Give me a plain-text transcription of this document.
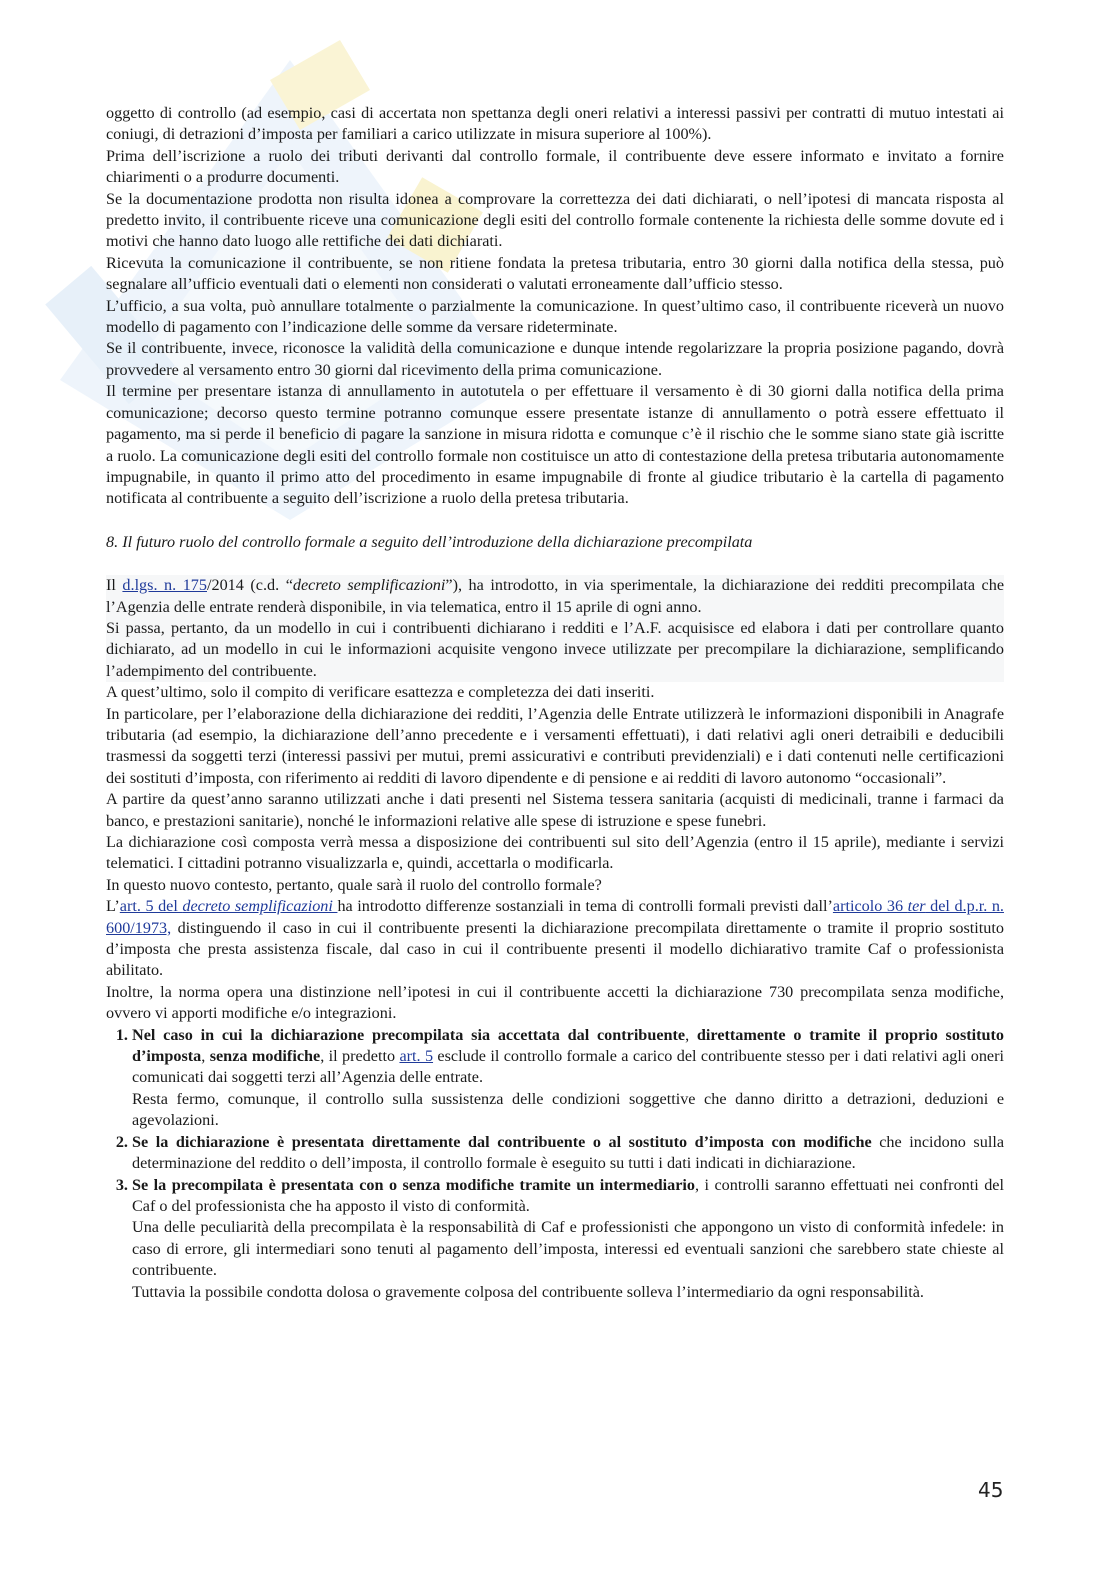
oggetto di controllo (ad esempio, casi di accertata non spettanza degli oneri relativi a interessi passivi per contratti di mutuo intestati ai coniugi, di detrazioni d’imposta per familiari a carico utilizzate in misura superiore al 100%).

Prima dell’iscrizione a ruolo dei tributi derivanti dal controllo formale, il contribuente deve essere informato e invitato a fornire chiarimenti o a produrre documenti.

Se la documentazione prodotta non risulta idonea a comprovare la correttezza dei dati dichiarati, o nell’ipotesi di mancata risposta al predetto invito, il contribuente riceve una comunicazione degli esiti del controllo formale contenente la richiesta delle somme dovute ed i motivi che hanno dato luogo alle rettifiche dei dati dichiarati.

Ricevuta la comunicazione il contribuente, se non ritiene fondata la pretesa tributaria, entro 30 giorni dalla notifica della stessa, può segnalare all’ufficio eventuali dati o elementi non considerati o valutati erroneamente dall’ufficio stesso.

L’ufficio, a sua volta, può annullare totalmente o parzialmente la comunicazione. In quest’ultimo caso, il contribuente riceverà un nuovo modello di pagamento con l’indicazione delle somme da versare rideterminate.

Se il contribuente, invece, riconosce la validità della comunicazione e dunque intende regolarizzare la propria posizione pagando, dovrà provvedere al versamento entro 30 giorni dal ricevimento della prima comunicazione.

Il termine per presentare istanza di annullamento in autotutela o per effettuare il versamento è di 30 giorni dalla notifica della prima comunicazione; decorso questo termine potranno comunque essere presentate istanze di annullamento o potrà essere effettuato il pagamento, ma si perde il beneficio di pagare la sanzione in misura ridotta e comunque c’è il rischio che le somme siano state già iscritte a ruolo. La comunicazione degli esiti del controllo formale non costituisce un atto di contestazione della pretesa tributaria autonomamente impugnabile, in quanto il primo atto del procedimento in esame impugnabile di fronte al giudice tributario è la cartella di pagamento notificata al contribuente a seguito dell’iscrizione a ruolo della pretesa tributaria.

8. Il futuro ruolo del controllo formale a seguito dell’introduzione della dichiarazione precompilata

Il d.lgs. n. 175/2014 (c.d. “decreto semplificazioni”), ha introdotto, in via sperimentale, la dichiarazione dei redditi precompilata che l’Agenzia delle entrate renderà disponibile, in via telematica, entro il 15 aprile di ogni anno.

Si passa, pertanto, da un modello in cui i contribuenti dichiarano i redditi e l’A.F. acquisisce ed elabora i dati per controllare quanto dichiarato, ad un modello in cui le informazioni acquisite vengono invece utilizzate per precompilare la dichiarazione, semplificando l’adempimento del contribuente.

A quest’ultimo, solo il compito di verificare esattezza e completezza dei dati inseriti.

In particolare, per l’elaborazione della dichiarazione dei redditi, l’Agenzia delle Entrate utilizzerà le informazioni disponibili in Anagrafe tributaria (ad esempio, la dichiarazione dell’anno precedente e i versamenti effettuati), i dati relativi agli oneri detraibili e deducibili trasmessi da soggetti terzi (interessi passivi per mutui, premi assicurativi e contributi previdenziali) e i dati contenuti nelle certificazioni dei sostituti d’imposta, con riferimento ai redditi di lavoro dipendente e di pensione e ai redditi di lavoro autonomo “occasionali”.

A partire da quest’anno saranno utilizzati anche i dati presenti nel Sistema tessera sanitaria (acquisti di medicinali, tranne i farmaci da banco, e prestazioni sanitarie), nonché le informazioni relative alle spese di istruzione e spese funebri.

La dichiarazione così composta verrà messa a disposizione dei contribuenti sul sito dell’Agenzia (entro il 15 aprile), mediante i servizi telematici. I cittadini potranno visualizzarla e, quindi, accettarla o modificarla.

In questo nuovo contesto, pertanto, quale sarà il ruolo del controllo formale?

L’art. 5 del decreto semplificazioni ha introdotto differenze sostanziali in tema di controlli formali previsti dall’articolo 36 ter del d.p.r. n. 600/1973, distinguendo il caso in cui il contribuente presenti la dichiarazione precompilata direttamente o tramite il proprio sostituto d’imposta che presta assistenza fiscale, dal caso in cui il contribuente presenti il modello dichiarativo tramite Caf o professionista abilitato.

Inoltre, la norma opera una distinzione nell’ipotesi in cui il contribuente accetti la dichiarazione 730 precompilata senza modifiche, ovvero vi apporti modifiche e/o integrazioni.

1. Nel caso in cui la dichiarazione precompilata sia accettata dal contribuente, direttamente o tramite il proprio sostituto d’imposta, senza modifiche, il predetto art. 5 esclude il controllo formale a carico del contribuente stesso per i dati relativi agli oneri comunicati dai soggetti terzi all’Agenzia delle entrate.

Resta fermo, comunque, il controllo sulla sussistenza delle condizioni soggettive che danno diritto a detrazioni, deduzioni e agevolazioni.

2. Se la dichiarazione è presentata direttamente dal contribuente o al sostituto d’imposta con modifiche che incidono sulla determinazione del reddito o dell’imposta, il controllo formale è eseguito su tutti i dati indicati in dichiarazione.

3. Se la precompilata è presentata con o senza modifiche tramite un intermediario, i controlli saranno effettuati nei confronti del Caf o del professionista che ha apposto il visto di conformità.

Una delle peculiarità della precompilata è la responsabilità di Caf e professionisti che appongono un visto di conformità infedele: in caso di errore, gli intermediari sono tenuti al pagamento dell’imposta, interessi ed eventuali sanzioni che sarebbero state chieste al contribuente.

Tuttavia la possibile condotta dolosa o gravemente colposa del contribuente solleva l’intermediario da ogni responsabilità.

45
